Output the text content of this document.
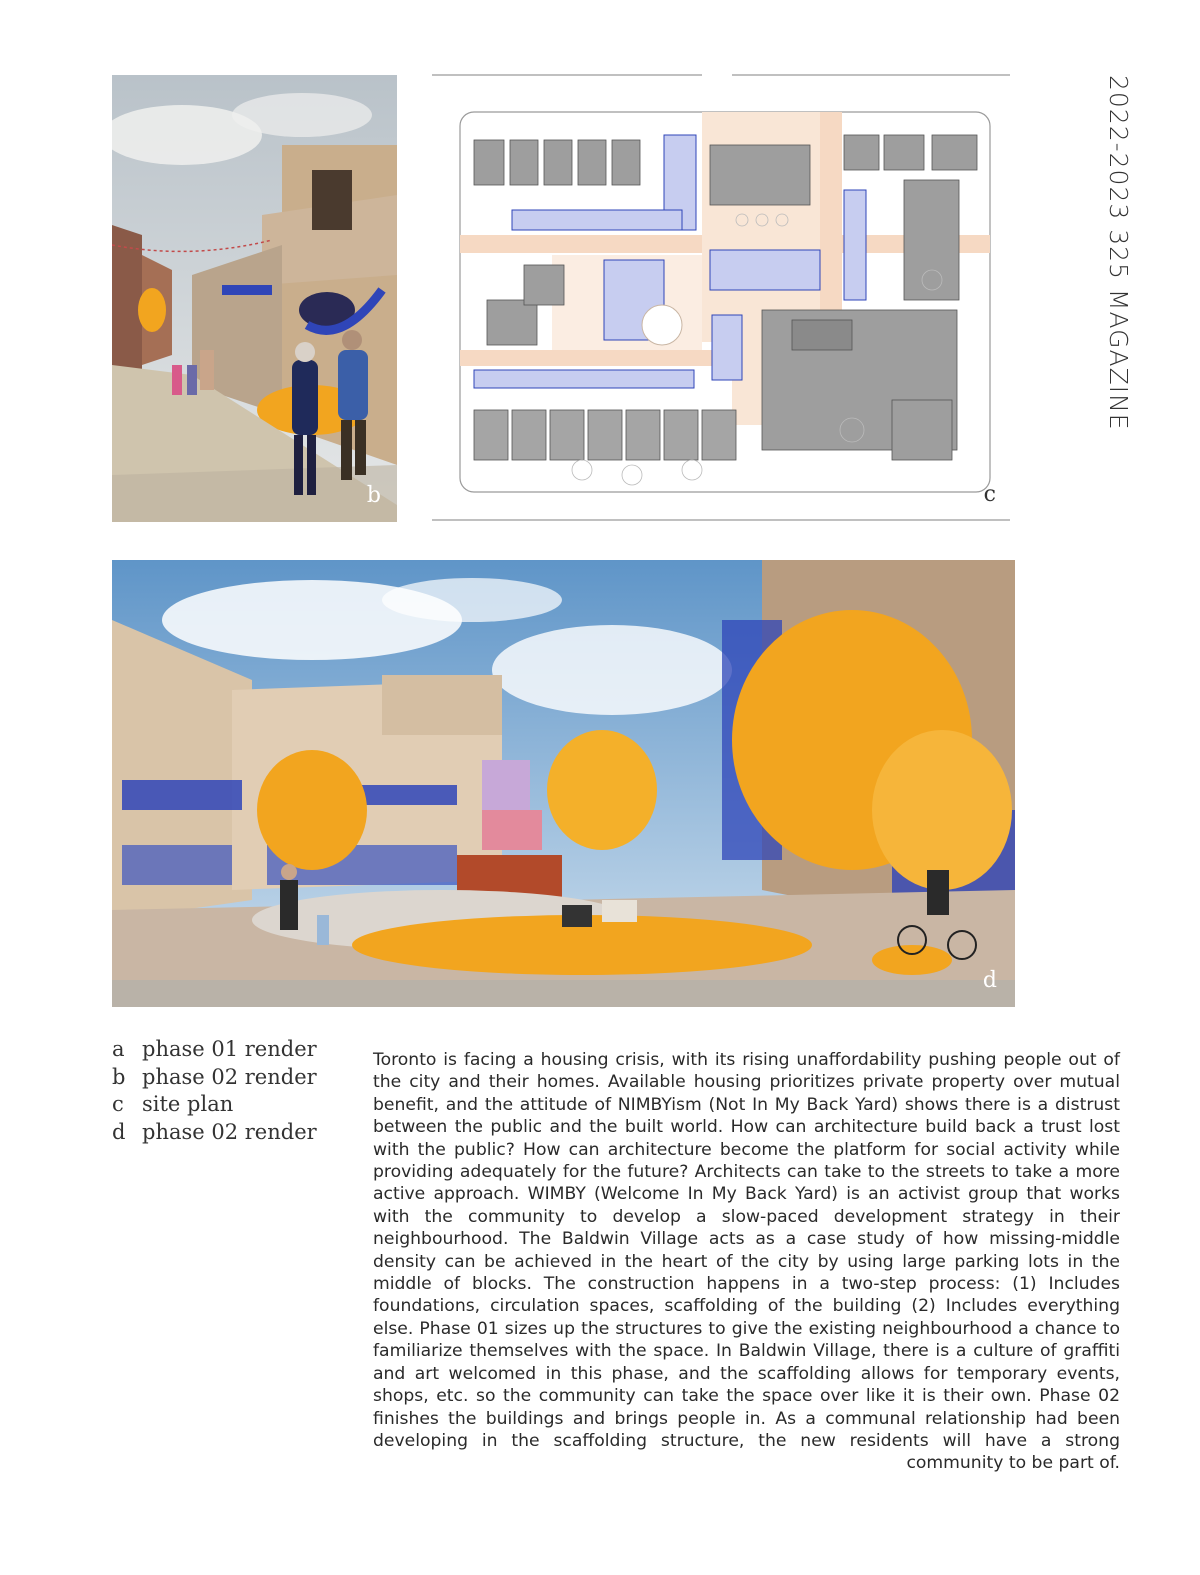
b	c
d
2022-2023 325 MAGAZINE
a phase 01 render
b phase 02 render
c site plan
d phase 02 render

Toronto is facing a housing crisis, with its rising unaffordability pushing people out of the city and their homes. Available housing prioritizes private property over mutual benefit, and the attitude of NIMBYism (Not In My Back Yard) shows there is a distrust between the public and the built world. How can architecture build back a trust lost with the public? How can architecture become the platform for social activity while providing adequately for the future? Architects can take to the streets to take a more active approach. WIMBY (Welcome In My Back Yard) is an activist group that works with the community to develop a slow-paced development strategy in their neighbourhood. The Baldwin Village acts as a case study of how missing-middle density can be achieved in the heart of the city by using large parking lots in the middle of blocks. The construction happens in a two-step process: (1) Includes foundations, circulation spaces, scaffolding of the building (2) Includes everything else. Phase 01 sizes up the structures to give the existing neighbourhood a chance to familiarize themselves with the space. In Baldwin Village, there is a culture of graffiti and art welcomed in this phase, and the scaffolding allows for temporary events, shops, etc. so the community can take the space over like it is their own. Phase 02 finishes the buildings and brings people in. As a communal relationship had been developing in the scaffolding structure, the new residents will have a strong community to be part of.
